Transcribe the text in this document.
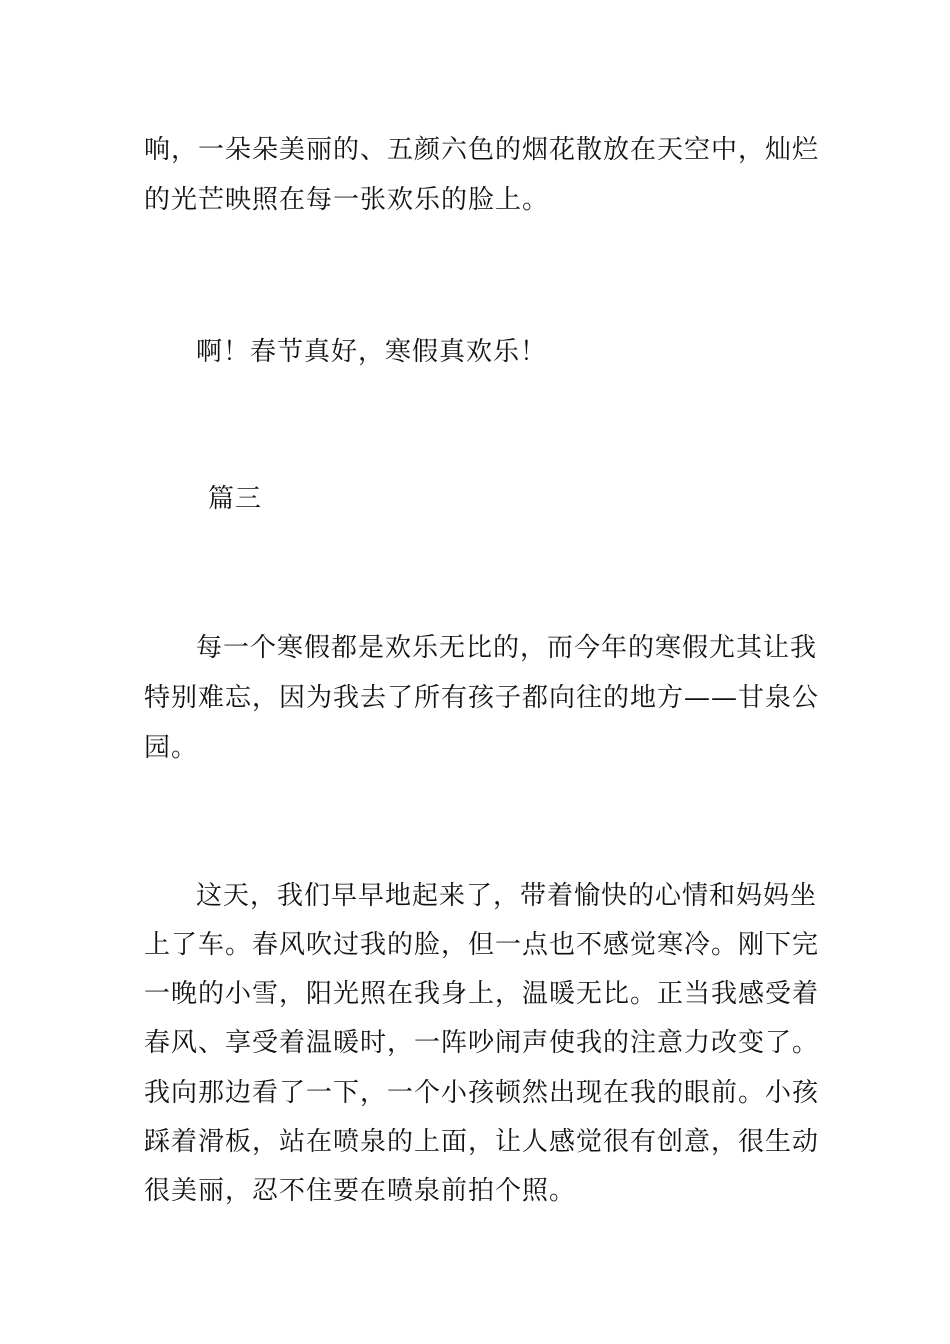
响，一朵朵美丽的、五颜六色的烟花散放在天空中，灿烂
的光芒映照在每一张欢乐的脸上。
啊！春节真好，寒假真欢乐！
篇三
每一个寒假都是欢乐无比的，而今年的寒假尤其让我
特别难忘，因为我去了所有孩子都向往的地方——甘泉公
园。
这天，我们早早地起来了，带着愉快的心情和妈妈坐
上了车。春风吹过我的脸，但一点也不感觉寒冷。刚下完
一晚的小雪，阳光照在我身上，温暖无比。正当我感受着
春风、享受着温暖时，一阵吵闹声使我的注意力改变了。
我向那边看了一下，一个小孩顿然出现在我的眼前。小孩
踩着滑板，站在喷泉的上面，让人感觉很有创意，很生动
很美丽，忍不住要在喷泉前拍个照。
